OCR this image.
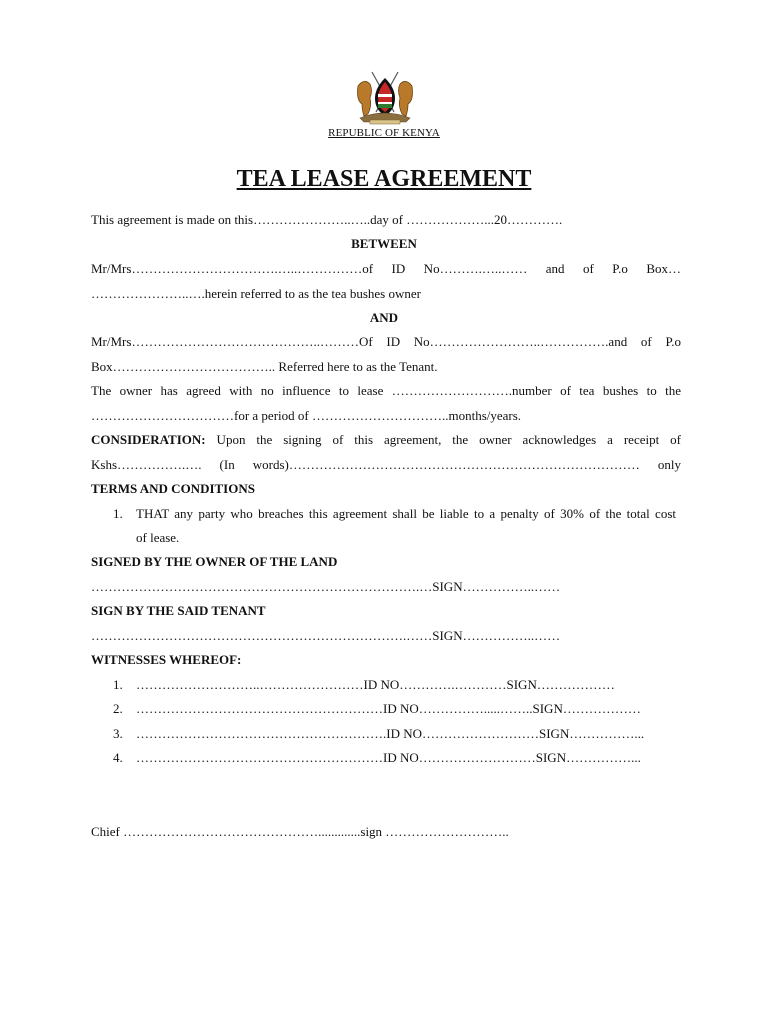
REPUBLIC OF KENYA
TEA LEASE AGREEMENT
This agreement is made on this…………………..…..day of ………………...20………….
BETWEEN
Mr/Mrs…………………………….…..……………of ID No……….…..…… and of P.o Box…
…………………..….herein referred to as the tea bushes owner
AND
Mr/Mrs……………………………………..………Of ID No……………………..…………….and of P.o
Box……………………………….. Referred here to as the Tenant.
The owner has agreed with no influence to lease ……………………….number of tea bushes to the
……………………………for a period of …………………………..months/years.
CONSIDERATION: Upon the signing of this agreement, the owner acknowledges a receipt of
Kshs…………….…. (In words)……………………………………………………………………… only
TERMS AND CONDITIONS
1. THAT any party who breaches this agreement shall be liable to a penalty of 30% of the total cost
of lease.
SIGNED BY THE OWNER OF THE LAND
………………………………………………………………….…SIGN……………..……
SIGN BY THE SAID TENANT
……………………………………………………………….……SIGN……………..……
WITNESSES WHEREOF:
1. ………………………..……………………ID NO………….…………SIGN………………
2. …………………………………………………ID NO…………….....……..SIGN………………
3. ………………………………………………….ID NO………………………SIGN……………...
4. …………………………………………………ID NO………………………SIGN……………...
Chief ……………………………………….............sign ………………………..
